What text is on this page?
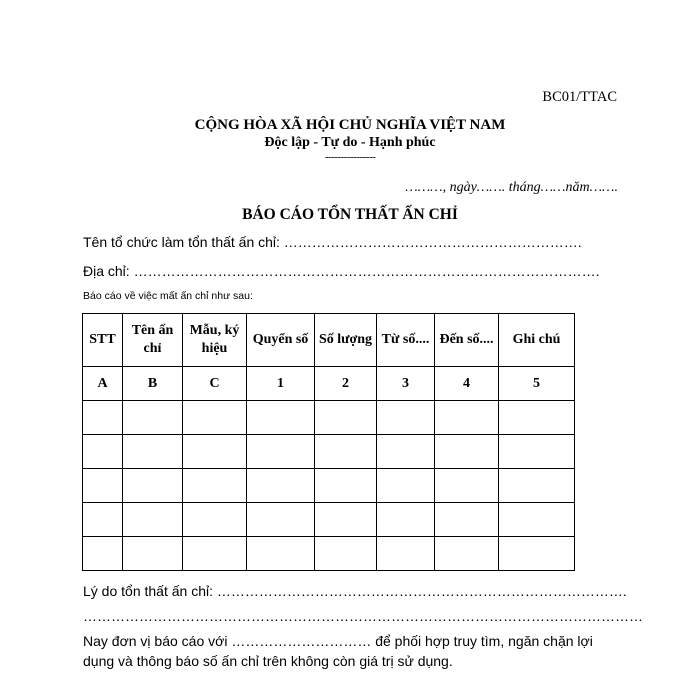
BC01/TTAC
CỘNG HÒA XÃ HỘI CHỦ NGHĨA VIỆT NAM
Độc lập - Tự do - Hạnh phúc
----------------
………, ngày……. tháng……năm…….
BÁO CÁO TỔN THẤT ẤN CHỈ
Tên tổ chức làm tổn thất ấn chỉ: ……………………………………………………….
Địa chỉ: ……………………………………………………………………………………….
Báo cáo về việc mất ấn chỉ như sau:
STT	Tên ấn chỉ	Mẫu, ký hiệu	Quyển số	Số lượng	Từ số....	Đến số....	Ghi chú
A	B	C	1	2	3	4	5

Lý do tổn thất ấn chỉ: …………………………………………………………………………….
…………………………………………………………………………………………………………
Nay đơn vị báo cáo với ………………………… để phối hợp truy tìm, ngăn chặn lợi
dụng và thông báo số ấn chỉ trên không còn giá trị sử dụng.
